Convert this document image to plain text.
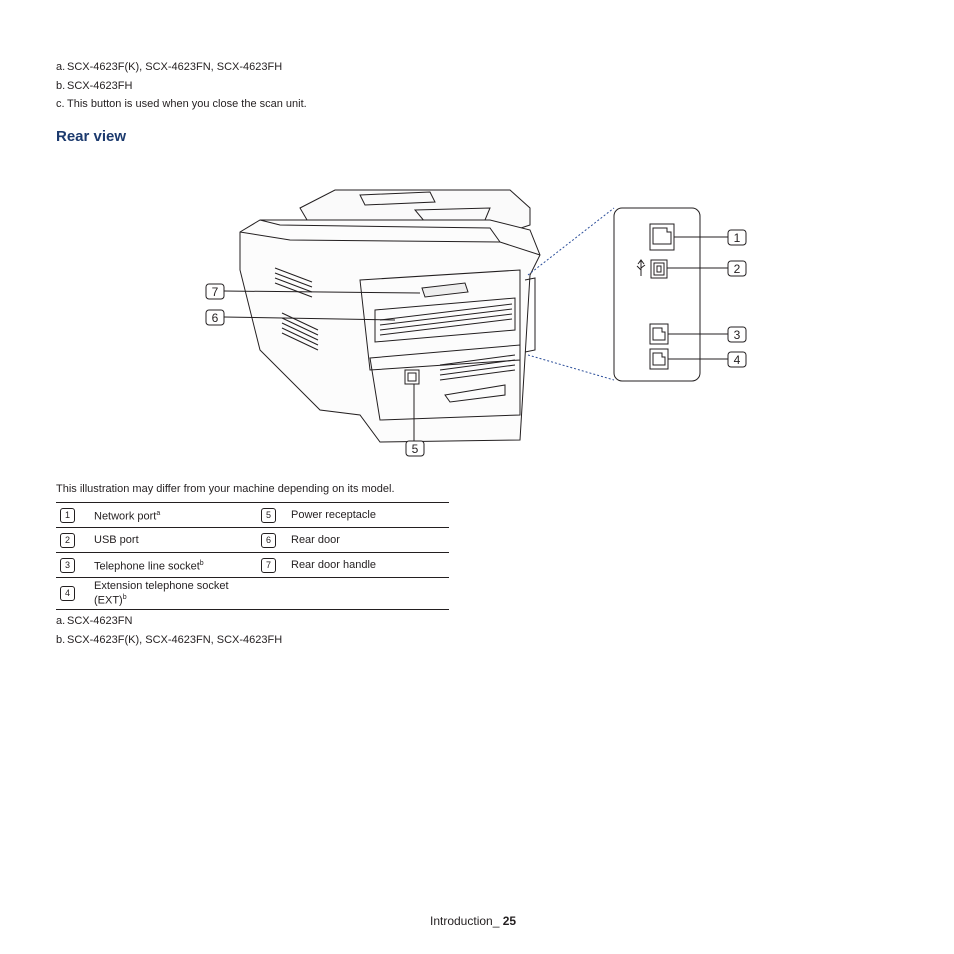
a. SCX-4623F(K), SCX-4623FN, SCX-4623FH
b. SCX-4623FH
c. This button is used when you close the scan unit.
Rear view
1
2
3
4
5
6
7
This illustration may differ from your machine depending on its model.
1	Network port$^a$	5	Power receptacle
2	USB port	6	Rear door
3	Telephone line socket$^b$	7	Rear door handle
4	Extension telephone socket (EXT)$^b$		
a. SCX-4623FN
b. SCX-4623F(K), SCX-4623FN, SCX-4623FH
Introduction_ 25
